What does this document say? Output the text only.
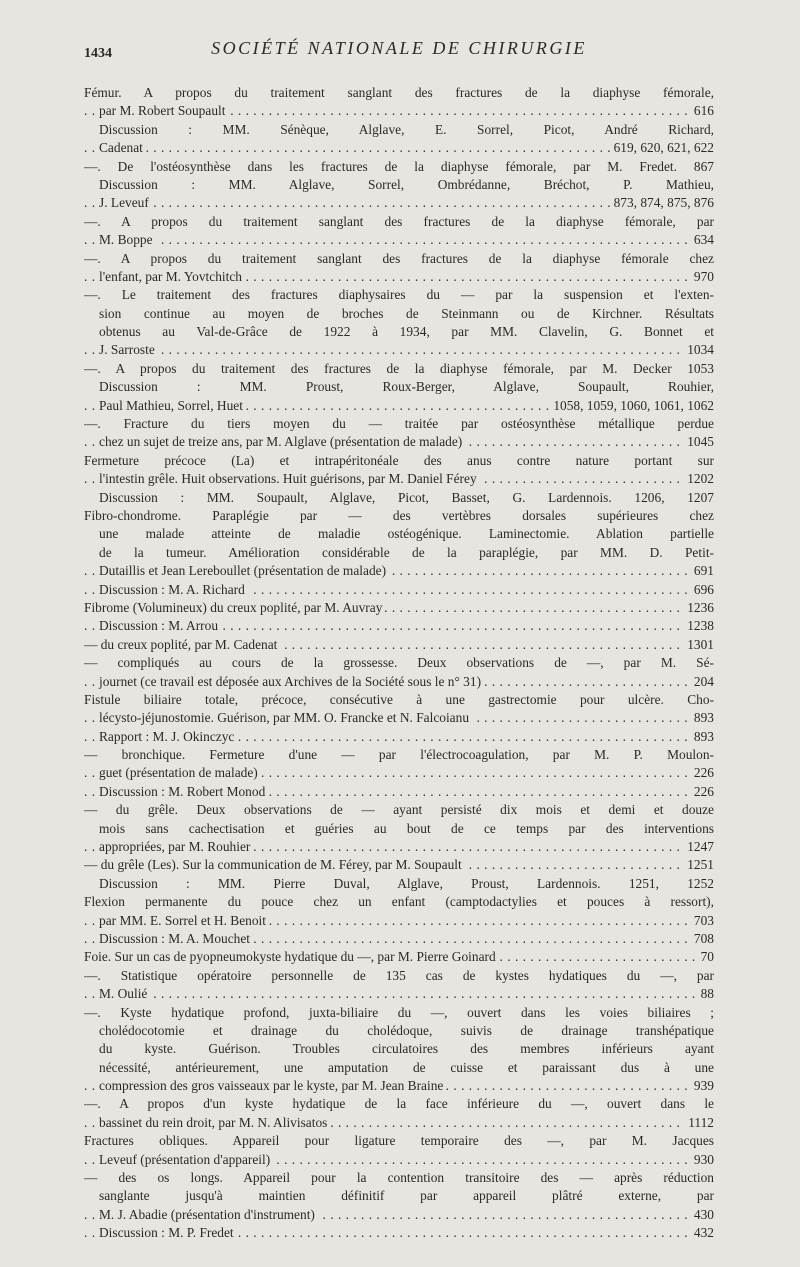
1434	SOCIÉTÉ NATIONALE DE CHIRURGIE
Fémur. A propos du traitement sanglant des fractures de la diaphyse fémorale,
par M. Robert Soupault	616
. . .
Discussion : MM. Sénèque, Alglave, E. Sorrel, Picot, André Richard,
Cadenat	619, 620, 621, 622
. . .
—. De l'ostéosynthèse dans les fractures de la diaphyse fémorale, par M. Fredet. 867
Discussion : MM. Alglave, Sorrel, Ombrédanne, Bréchot, P. Mathieu,
J. Leveuf	873, 874, 875, 876
. . .
—. A propos du traitement sanglant des fractures de la diaphyse fémorale, par
M. Boppe	634
. . .
—. A propos du traitement sanglant des fractures de la diaphyse fémorale chez
l'enfant, par M. Yovtchitch	970
. . .
—. Le traitement des fractures diaphysaires du — par la suspension et l'exten-
sion continue au moyen de broches de Steinmann ou de Kirchner. Résultats
obtenus au Val-de-Grâce de 1922 à 1934, par MM. Clavelin, G. Bonnet et
J. Sarroste	1034
. . .
—. A propos du traitement des fractures de la diaphyse fémorale, par M. Decker 1053
Discussion : MM. Proust, Roux-Berger, Alglave, Soupault, Rouhier,
Paul Mathieu, Sorrel, Huet	1058, 1059, 1060, 1061, 1062
. . .
—. Fracture du tiers moyen du — traitée par ostéosynthèse métallique perdue
chez un sujet de treize ans, par M. Alglave (présentation de malade)	1045
. . .
Fermeture précoce (La) et intrapéritonéale des anus contre nature portant sur
l'intestin grêle. Huit observations. Huit guérisons, par M. Daniel Férey	1202
. . .
Discussion : MM. Soupault, Alglave, Picot, Basset, G. Lardennois. 1206, 1207
Fibro-chondrome. Paraplégie par — des vertèbres dorsales supérieures chez
une malade atteinte de maladie ostéogénique. Laminectomie. Ablation partielle
de la tumeur. Amélioration considérable de la paraplégie, par MM. D. Petit-
Dutaillis et Jean Lereboullet (présentation de malade)	691
. . .
Discussion : M. A. Richard	696
. . .
Fibrome (Volumineux) du creux poplité, par M. Auvray	1236
. . .
Discussion : M. Arrou	1238
. . .
— du creux poplité, par M. Cadenat	1301
. . .
— compliqués au cours de la grossesse. Deux observations de —, par M. Sé-
journet (ce travail est déposée aux Archives de la Société sous le n° 31)	204
. . .
Fistule biliaire totale, précoce, consécutive à une gastrectomie pour ulcère. Cho-
lécysto-jéjunostomie. Guérison, par MM. O. Francke et N. Falcoianu	893
. . .
Rapport : M. J. Okinczyc	893
. . .
— bronchique. Fermeture d'une — par l'électrocoagulation, par M. P. Moulon-
guet (présentation de malade)	226
. . .
Discussion : M. Robert Monod	226
. . .
— du grêle. Deux observations de — ayant persisté dix mois et demi et douze
mois sans cachectisation et guéries au bout de ce temps par des interventions
appropriées, par M. Rouhier	1247
. . .
— du grêle (Les). Sur la communication de M. Férey, par M. Soupault	1251
. . .
Discussion : MM. Pierre Duval, Alglave, Proust, Lardennois. 1251, 1252
Flexion permanente du pouce chez un enfant (camptodactylies et pouces à ressort),
par MM. E. Sorrel et H. Benoit	703
. . .
Discussion : M. A. Mouchet	708
. . .
Foie. Sur un cas de pyopneumokyste hydatique du —, par M. Pierre Goinard	70
. . .
—. Statistique opératoire personnelle de 135 cas de kystes hydatiques du —, par
M. Oulié	88
. . .
—. Kyste hydatique profond, juxta-biliaire du —, ouvert dans les voies biliaires ;
cholédocotomie et drainage du cholédoque, suivis de drainage transhépatique
du kyste. Guérison. Troubles circulatoires des membres inférieurs ayant
nécessité, antérieurement, une amputation de cuisse et paraissant dus à une
compression des gros vaisseaux par le kyste, par M. Jean Braine	939
. . .
—. A propos d'un kyste hydatique de la face inférieure du —, ouvert dans le
bassinet du rein droit, par M. N. Alivisatos	1112
. . .
Fractures obliques. Appareil pour ligature temporaire des —, par M. Jacques
Leveuf (présentation d'appareil)	930
. . .
— des os longs. Appareil pour la contention transitoire des — après réduction
sanglante jusqu'à maintien définitif par appareil plâtré externe, par
M. J. Abadie (présentation d'instrument)	430
. . .
Discussion : M. P. Fredet	432
. . .
